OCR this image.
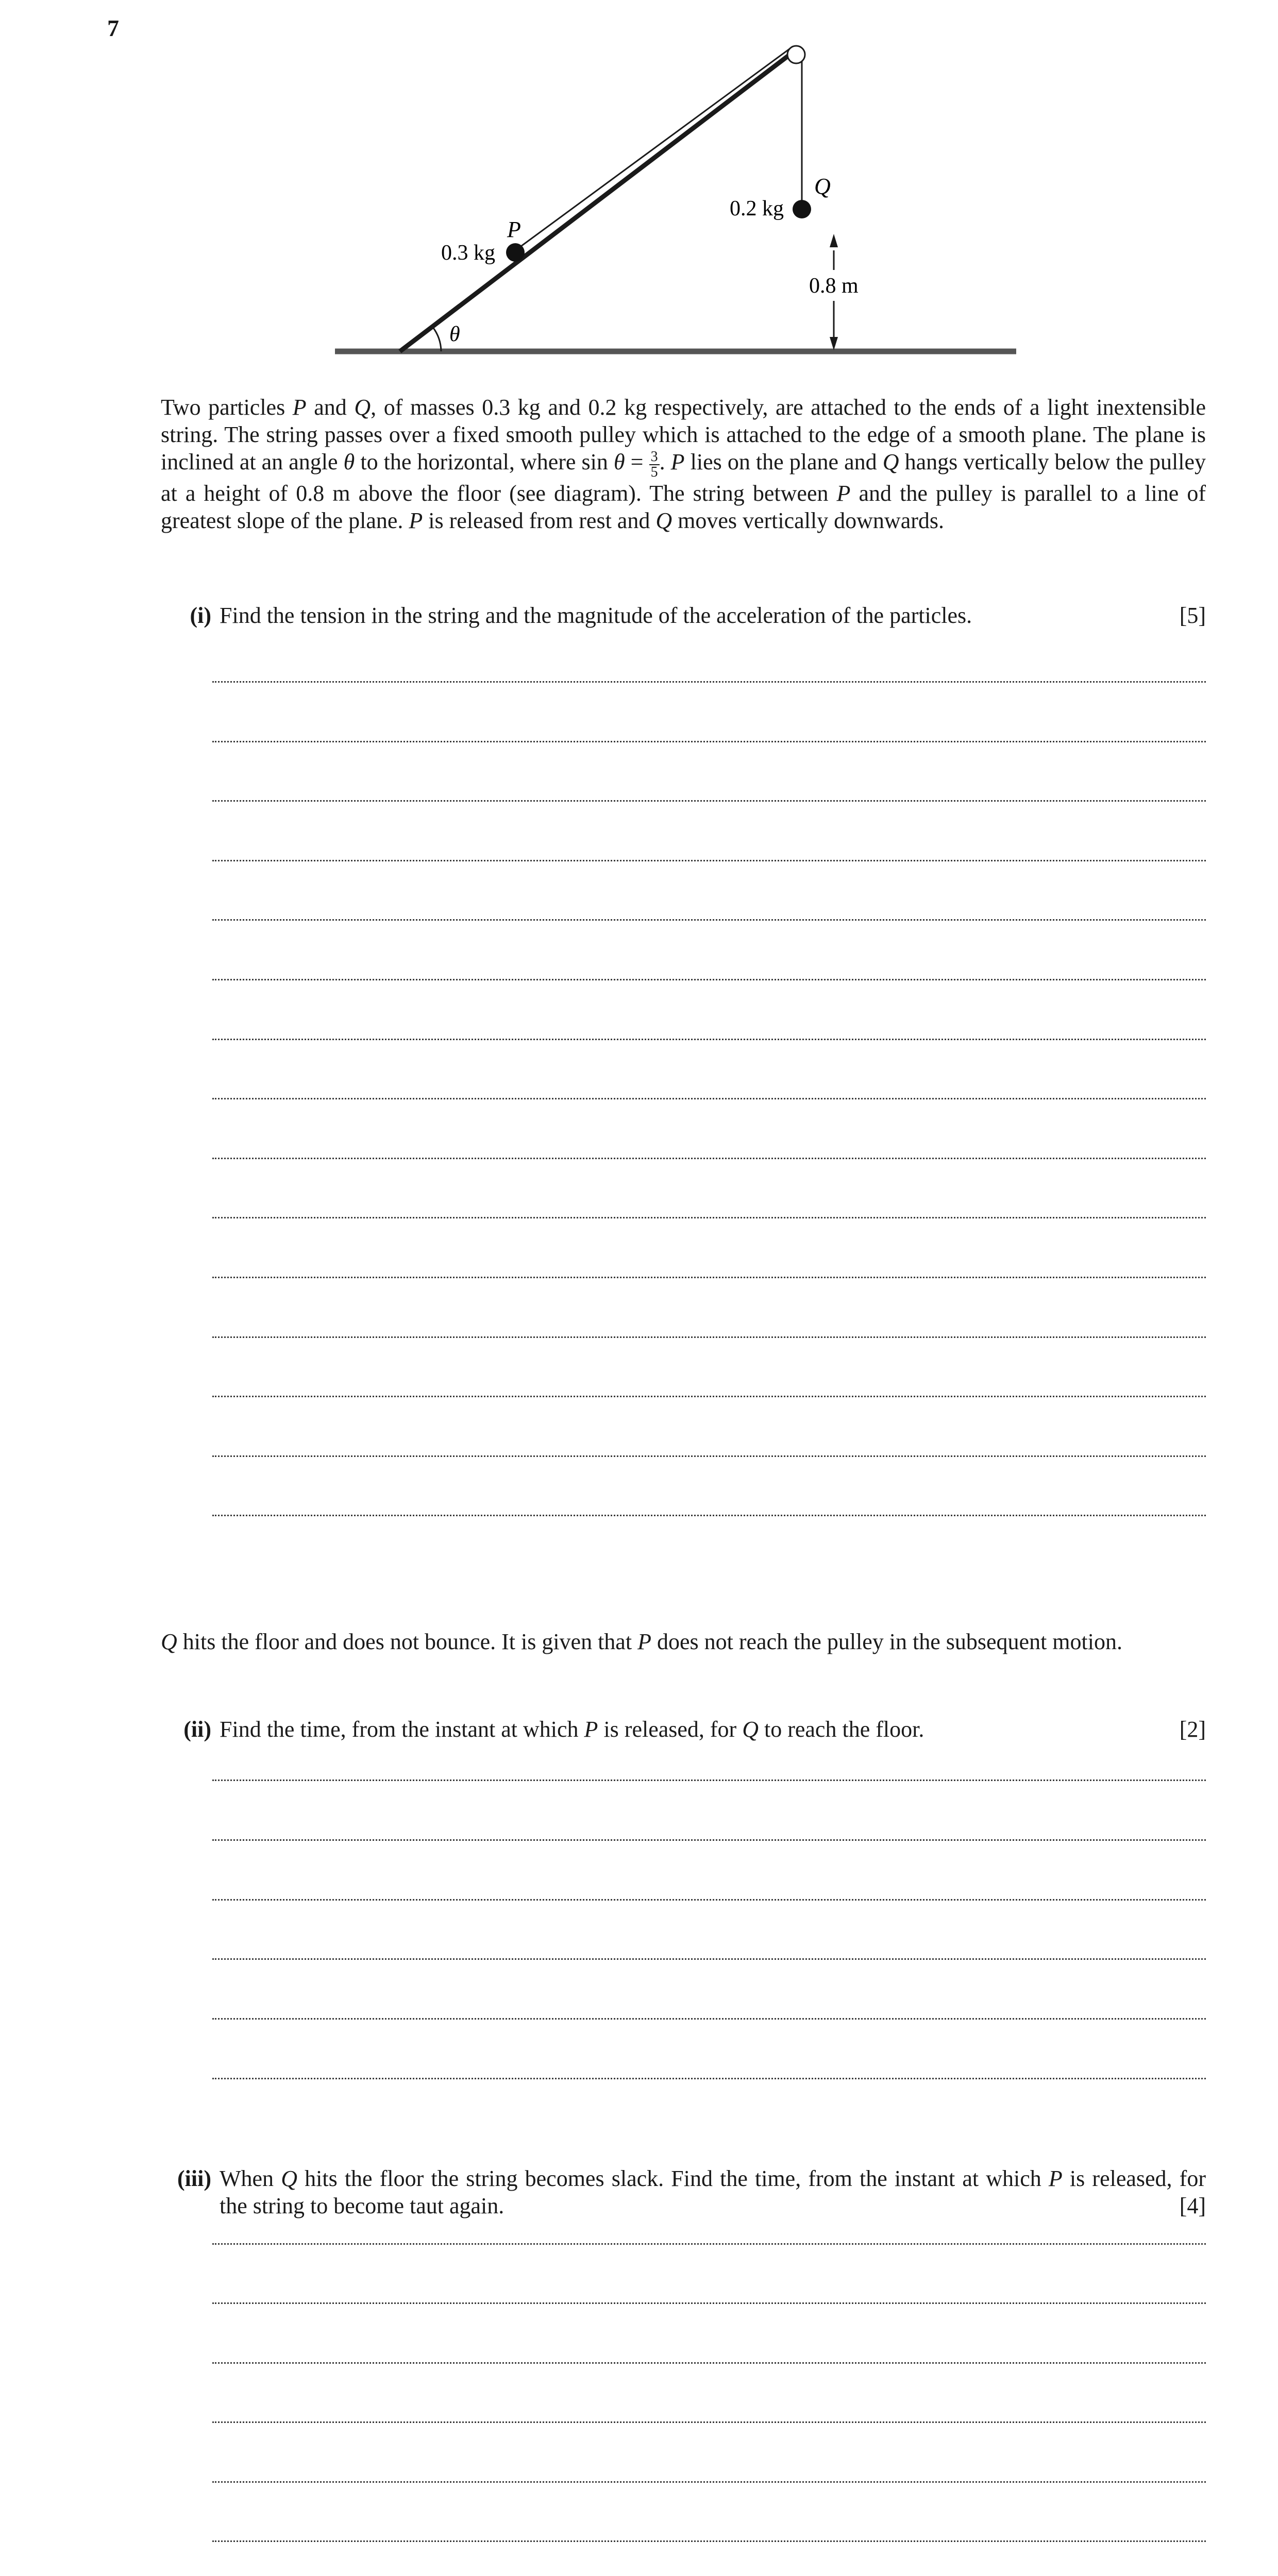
7
P
0.3 kg
Q
0.2 kg
0.8 m
θ
Two particles P and Q, of masses 0.3 kg and 0.2 kg respectively, are attached to the ends of a light inextensible string. The string passes over a fixed smooth pulley which is attached to the edge of a smooth plane. The plane is inclined at an angle θ to the horizontal, where $\sin \theta = \frac{3}{5}$ . P lies on the plane and Q hangs vertically below the pulley at a height of 0.8 m above the floor (see diagram). The string between P and the pulley is parallel to a line of greatest slope of the plane. P is released from rest and Q moves vertically downwards.
(i) Find the tension in the string and the magnitude of the acceleration of the particles.	[5]
Q hits the floor and does not bounce. It is given that P does not reach the pulley in the subsequent motion.
(ii) Find the time, from the instant at which P is released, for Q to reach the floor.	[2]
(iii) When Q hits the floor the string becomes slack. Find the time, from the instant at which P is released, for the string to become taut again.	[4]
